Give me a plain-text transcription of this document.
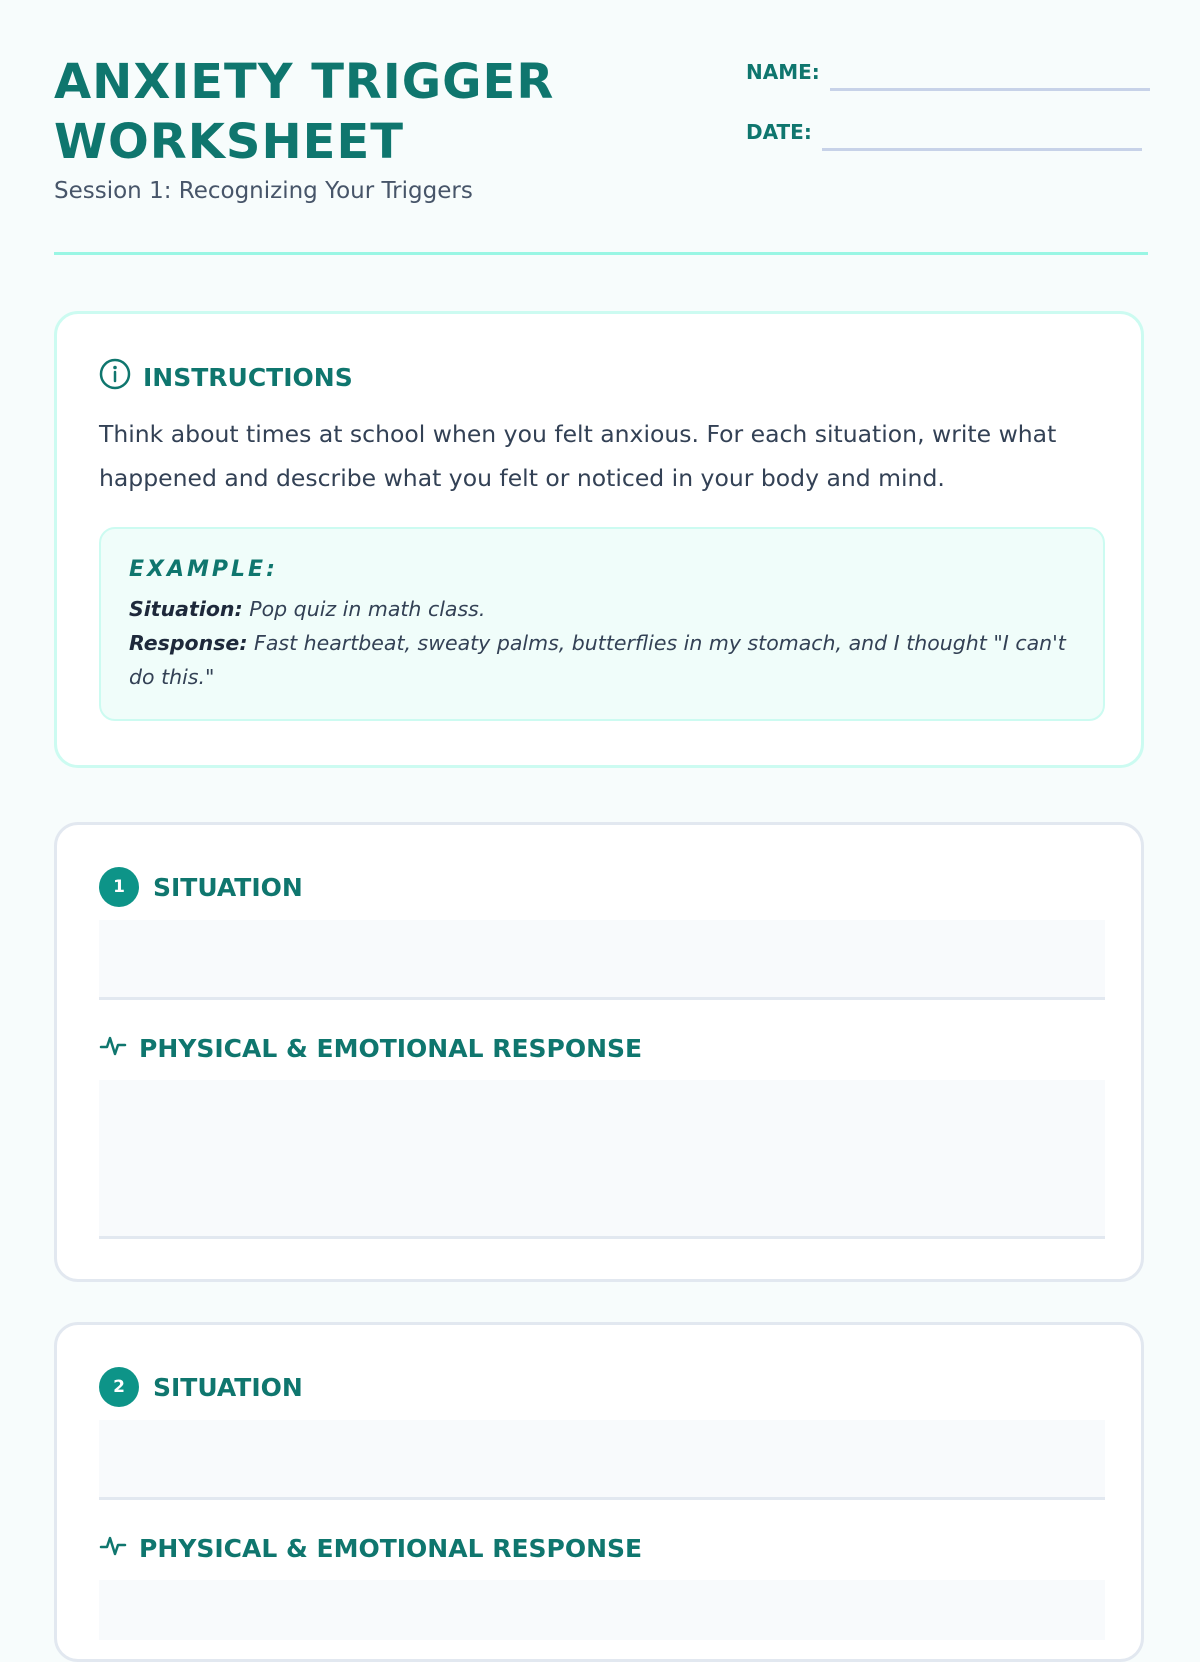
ANXIETY TRIGGER
WORKSHEET
Session 1: Recognizing Your Triggers
NAME:
DATE:
INSTRUCTIONS
Think about times at school when you felt anxious. For each situation, write what happened and describe what you felt or noticed in your body and mind.
EXAMPLE:

Situation: Pop quiz in math class.

Response: Fast heartbeat, sweaty palms, butterflies in my stomach, and I thought "I can't do this."

1	SITUATION
PHYSICAL & EMOTIONAL RESPONSE
2	SITUATION
PHYSICAL & EMOTIONAL RESPONSE
